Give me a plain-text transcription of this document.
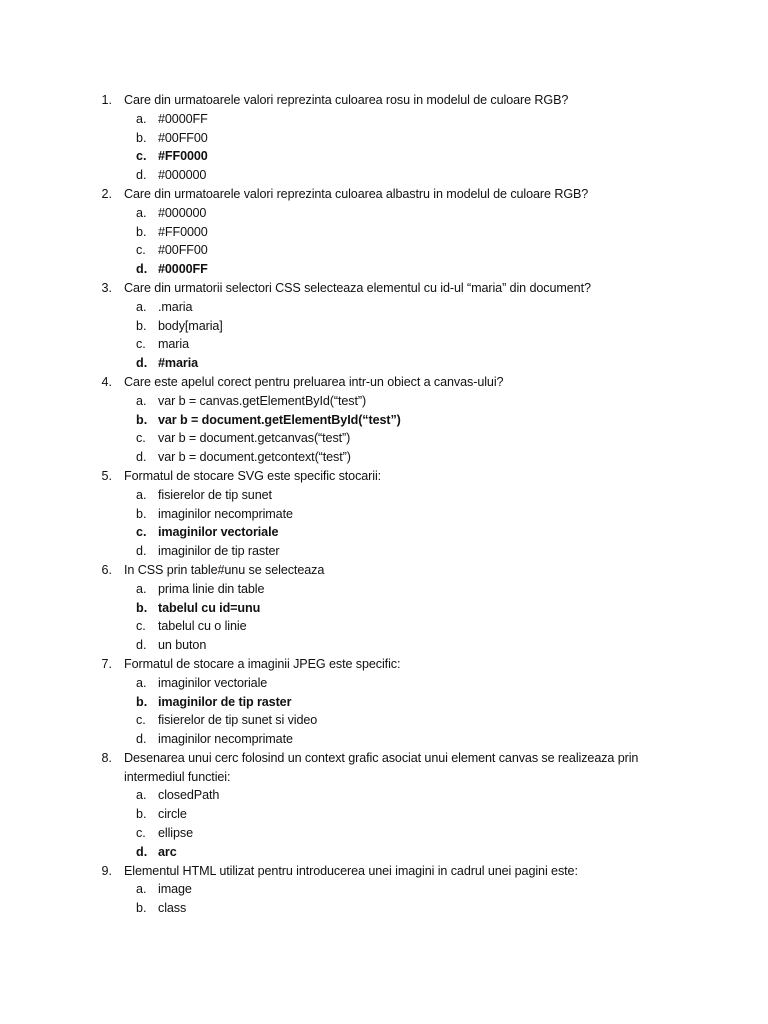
1. Care din urmatoarele valori reprezinta culoarea rosu in modelul de culoare RGB?
a. #0000FF
b. #00FF00
c. #FF0000
d. #000000
2. Care din urmatoarele valori reprezinta culoarea albastru in modelul de culoare RGB?
a. #000000
b. #FF0000
c. #00FF00
d. #0000FF
3. Care din urmatorii selectori CSS selecteaza elementul cu id-ul “maria” din document?
a. .maria
b. body[maria]
c. maria
d. #maria
4. Care este apelul corect pentru preluarea intr-un obiect a canvas-ului?
a. var b = canvas.getElementById(“test”)
b. var b = document.getElementById(“test”)
c. var b = document.getcanvas(“test”)
d. var b = document.getcontext(“test”)
5. Formatul de stocare SVG este specific stocarii:
a. fisierelor de tip sunet
b. imaginilor necomprimate
c. imaginilor vectoriale
d. imaginilor de tip raster
6. In CSS prin table#unu se selecteaza
a. prima linie din table
b. tabelul cu id=unu
c. tabelul cu o linie
d. un buton
7. Formatul de stocare a imaginii JPEG este specific:
a. imaginilor vectoriale
b. imaginilor de tip raster
c. fisierelor de tip sunet si video
d. imaginilor necomprimate
8. Desenarea unui cerc folosind un context grafic asociat unui element canvas se realizeaza prin intermediul functiei:
a. closedPath
b. circle
c. ellipse
d. arc
9. Elementul HTML utilizat pentru introducerea unei imagini in cadrul unei pagini este:
a. image
b. class
